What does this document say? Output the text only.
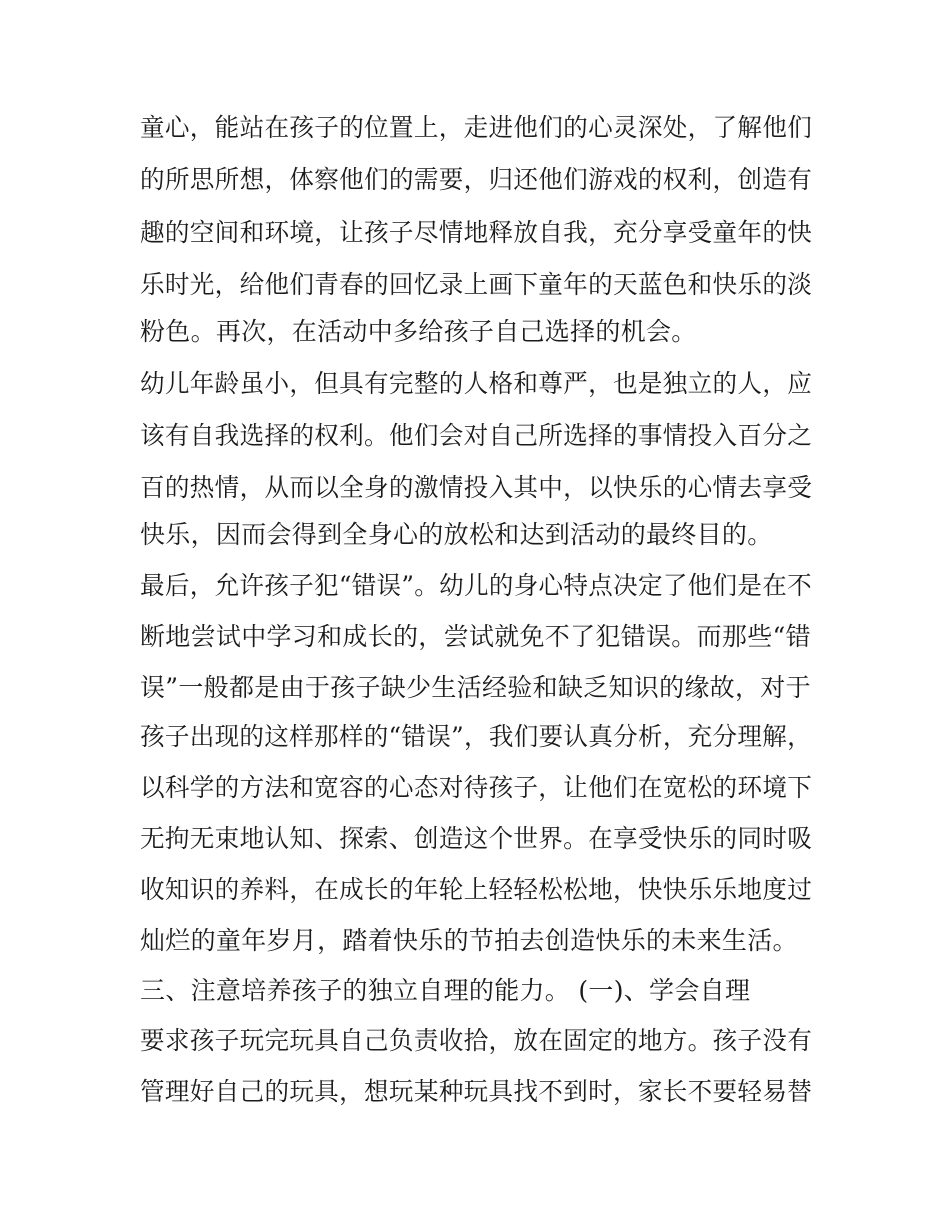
童心，能站在孩子的位置上，走进他们的心灵深处，了解他们
的所思所想，体察他们的需要，归还他们游戏的权利，创造有
趣的空间和环境，让孩子尽情地释放自我，充分享受童年的快
乐时光，给他们青春的回忆录上画下童年的天蓝色和快乐的淡
粉色。再次，在活动中多给孩子自己选择的机会。
幼儿年龄虽小，但具有完整的人格和尊严，也是独立的人，应
该有自我选择的权利。他们会对自己所选择的事情投入百分之
百的热情，从而以全身的激情投入其中，以快乐的心情去享受
快乐，因而会得到全身心的放松和达到活动的最终目的。
最后，允许孩子犯“错误”。幼儿的身心特点决定了他们是在不
断地尝试中学习和成长的，尝试就免不了犯错误。而那些“错
误”一般都是由于孩子缺少生活经验和缺乏知识的缘故，对于
孩子出现的这样那样的“错误”，我们要认真分析，充分理解，
以科学的方法和宽容的心态对待孩子，让他们在宽松的环境下
无拘无束地认知、探索、创造这个世界。在享受快乐的同时吸
收知识的养料，在成长的年轮上轻轻松松地，快快乐乐地度过
灿烂的童年岁月，踏着快乐的节拍去创造快乐的未来生活。
三、注意培养孩子的独立自理的能力。 (一)、学会自理
要求孩子玩完玩具自己负责收拾，放在固定的地方。孩子没有
管理好自己的玩具，想玩某种玩具找不到时，家长不要轻易替
